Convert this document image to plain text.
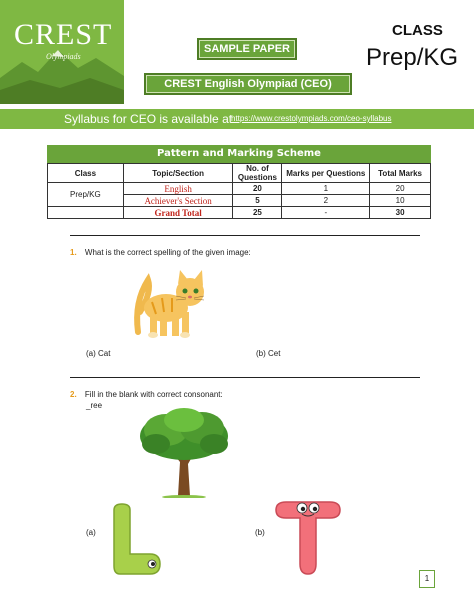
CREST
Olympiads
SAMPLE PAPER
CREST English Olympiad (CEO)
CLASS
Prep/KG
Syllabus for CEO is available at
https://www.crestolympiads.com/ceo-syllabus
Pattern and Marking Scheme
Class	Topic/Section	No. of Questions	Marks per Questions	Total Marks
Prep/KG	English	20	1	20
	Achiever's Section	5	2	10
	Grand Total	25	-	30
1. What is the correct spelling of the given image:
(a) Cat	(b) Cet
2. Fill in the blank with correct consonant:
_ree
(a)	(b)
1
